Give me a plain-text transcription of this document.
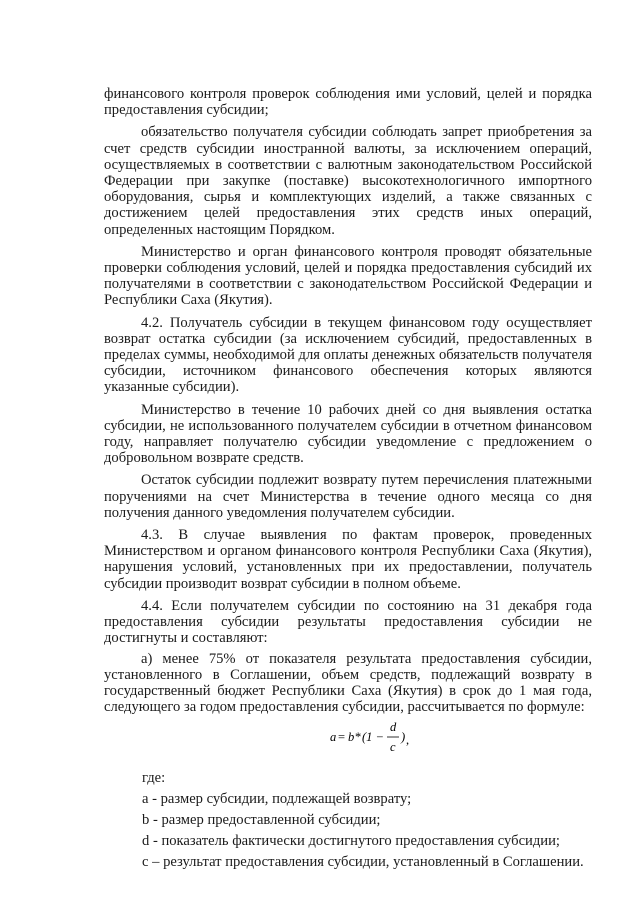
финансового контроля проверок соблюдения ими условий, целей и порядка предоставления субсидии;

обязательство получателя субсидии соблюдать запрет приобретения за счет средств субсидии иностранной валюты, за исключением операций, осуществляемых в соответствии с валютным законодательством Российской Федерации при закупке (поставке) высокотехнологичного импортного оборудования, сырья и комплектующих изделий, а также связанных с достижением целей предоставления этих средств иных операций, определенных настоящим Порядком.

Министерство и орган финансового контроля проводят обязательные проверки соблюдения условий, целей и порядка предоставления субсидий их получателями в соответствии с законодательством Российской Федерации и Республики Саха (Якутия).

4.2. Получатель субсидии в текущем финансовом году осуществляет возврат остатка субсидии (за исключением субсидий, предоставленных в пределах суммы, необходимой для оплаты денежных обязательств получателя субсидии, источником финансового обеспечения которых являются указанные субсидии).

Министерство в течение 10 рабочих дней со дня выявления остатка субсидии, не использованного получателем субсидии в отчетном финансовом году, направляет получателю субсидии уведомление с предложением о добровольном возврате средств.

Остаток субсидии подлежит возврату путем перечисления платежными поручениями на счет Министерства в течение одного месяца со дня получения данного уведомления получателем субсидии.

4.3. В случае выявления по фактам проверок, проведенных Министерством и органом финансового контроля Республики Саха (Якутия), нарушения условий, установленных при их предоставлении, получатель субсидии производит возврат субсидии в полном объеме.

4.4. Если получателем субсидии по состоянию на 31 декабря года предоставления субсидии результаты предоставления субсидии не достигнуты и составляют:

а) менее 75% от показателя результата предоставления субсидии, установленного в Соглашении, объем средств, подлежащий возврату в государственный бюджет Республики Саха (Якутия) в срок до 1 мая года, следующего за годом предоставления субсидии, рассчитывается по формуле:

a = b * (1 −
d
c
) ,

где:

a - размер субсидии, подлежащей возврату;

b - размер предоставленной субсидии;

d - показатель фактически достигнутого предоставления субсидии;

c – результат предоставления субсидии, установленный в Соглашении.
